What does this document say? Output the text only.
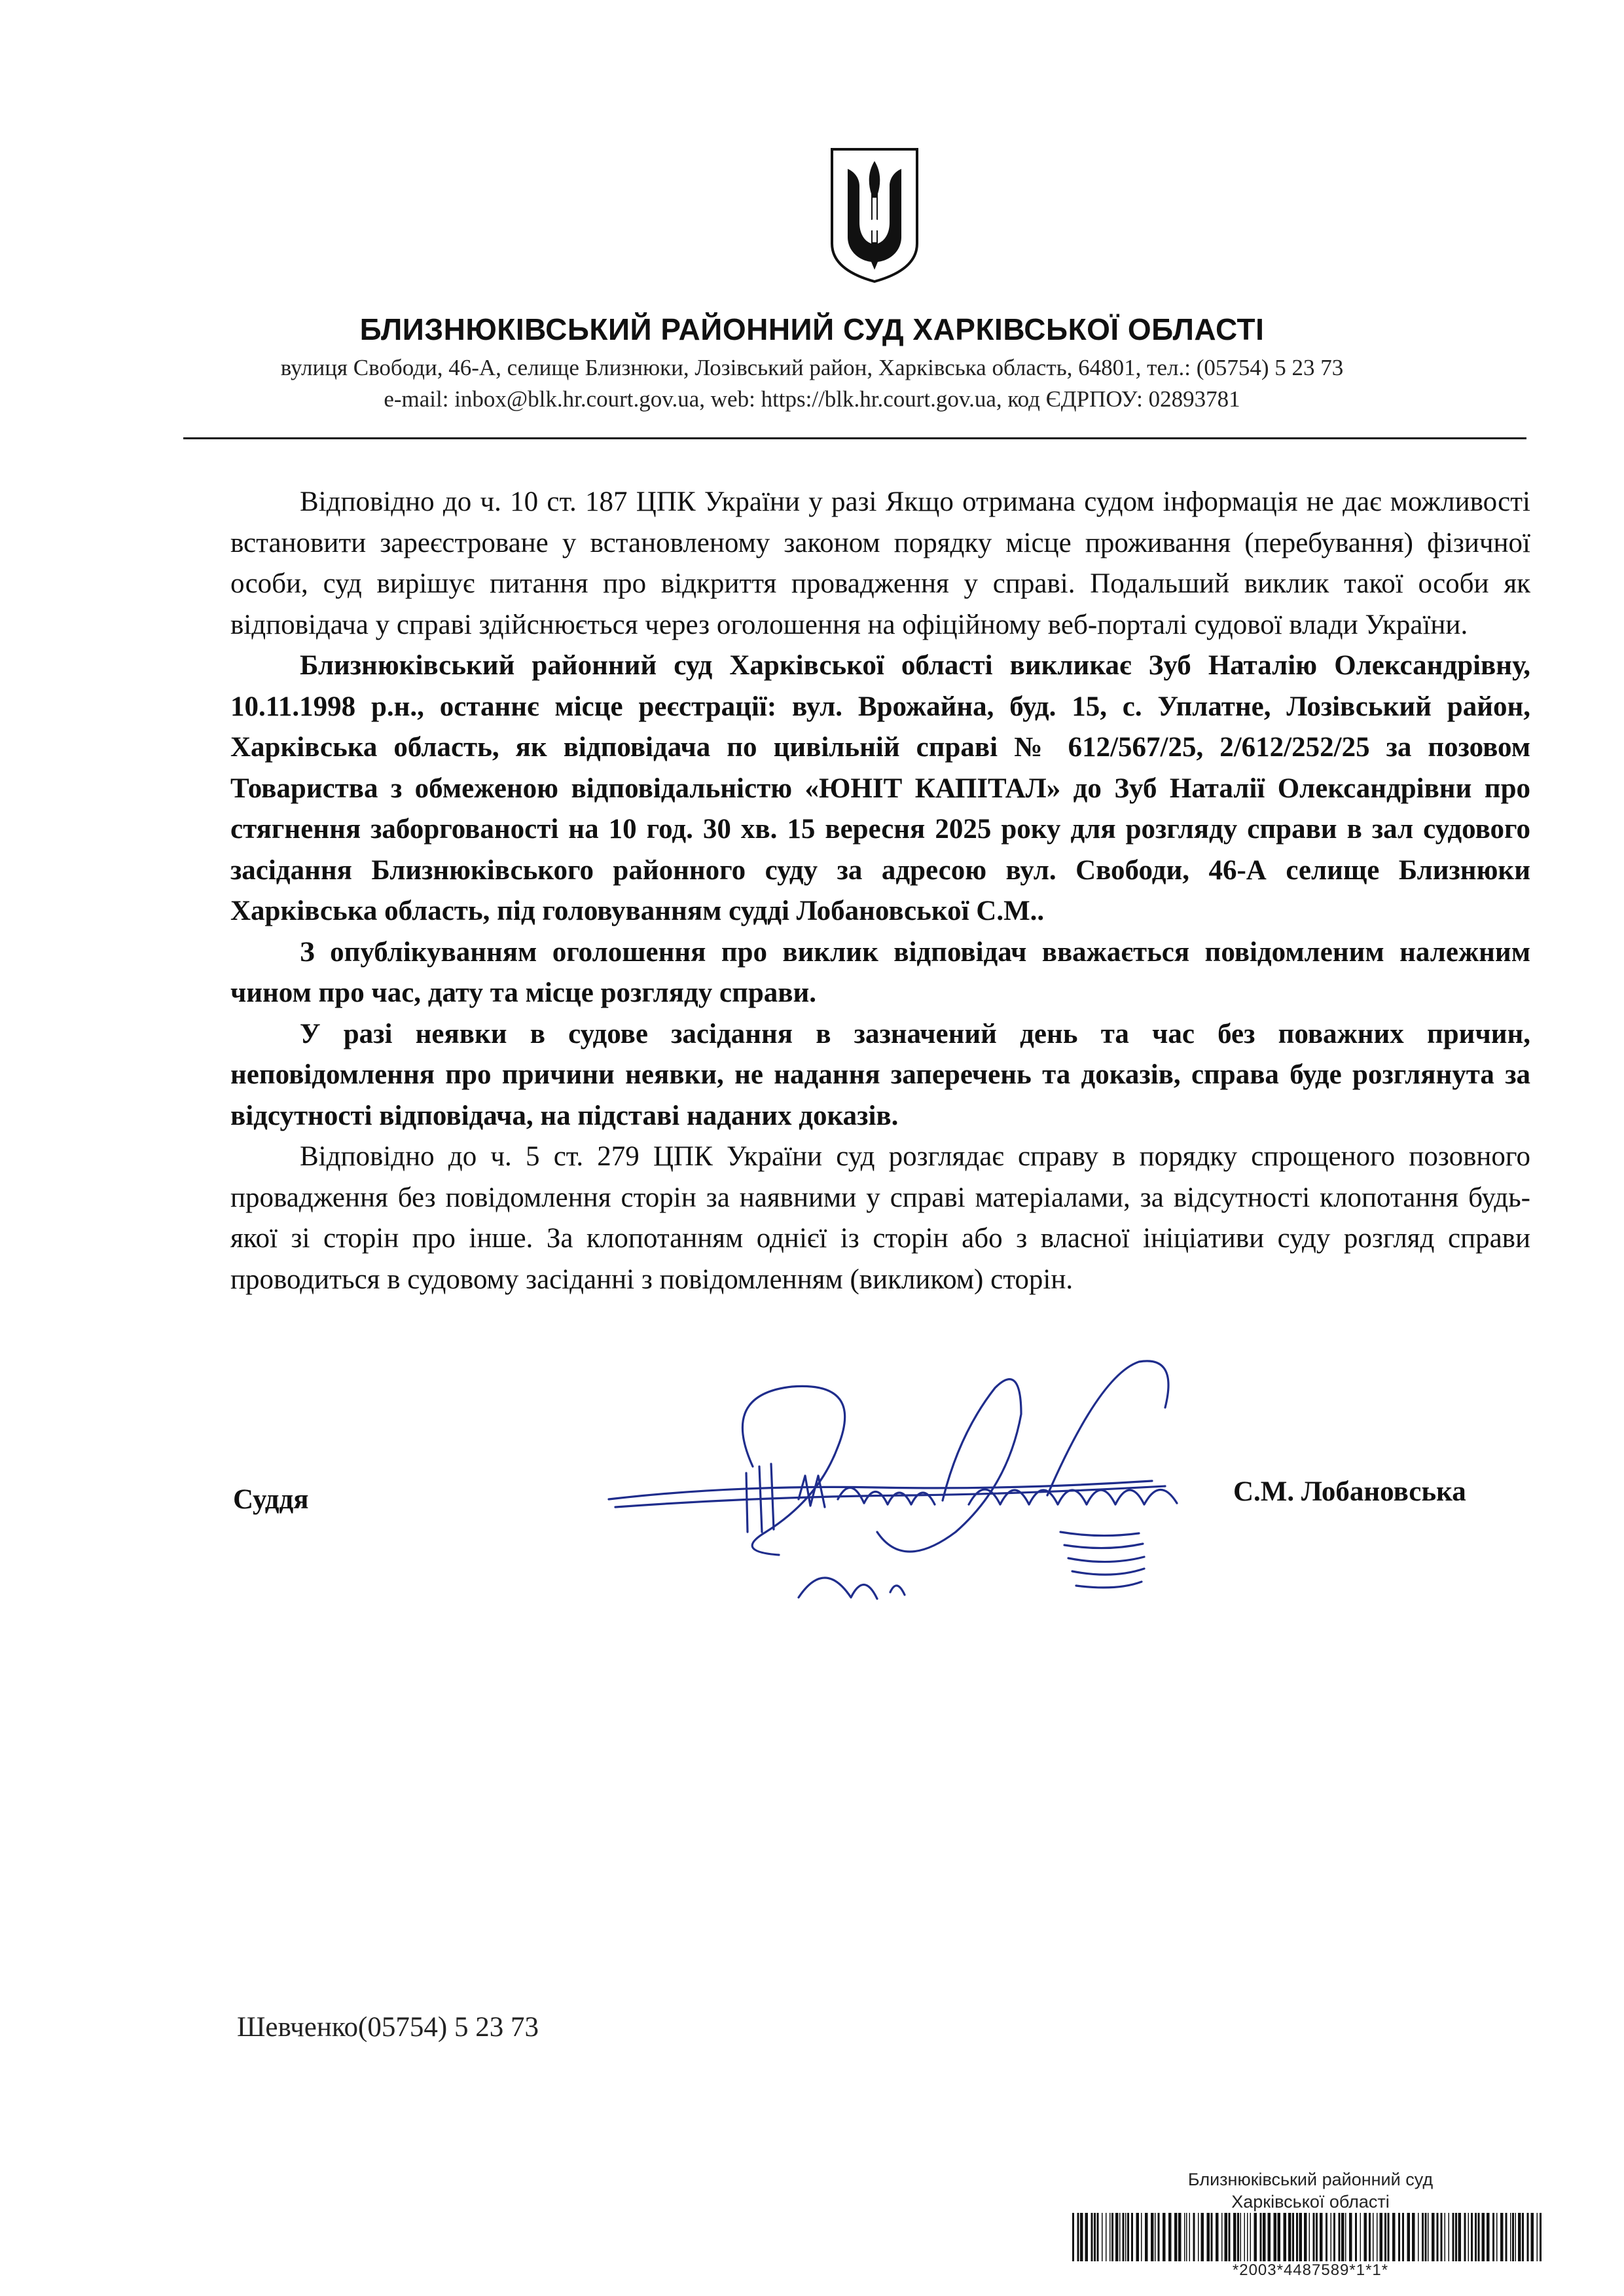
БЛИЗНЮКІВСЬКИЙ РАЙОННИЙ СУД ХАРКІВСЬКОЇ ОБЛАСТІ
вулиця Свободи, 46-А, селище Близнюки, Лозівський район, Харківська область, 64801, тел.: (05754) 5 23 73
e-mail: inbox@blk.hr.court.gov.ua, web: https://blk.hr.court.gov.ua, код ЄДРПОУ: 02893781

Відповідно до ч. 10 ст. 187 ЦПК України у разі Якщо отримана судом інформація не дає можливості встановити зареєстроване у встановленому законом порядку місце проживання (перебування) фізичної особи, суд вирішує питання про відкриття провадження у справі. Подальший виклик такої особи як відповідача у справі здійснюється через оголошення на офіційному веб-порталі судової влади України.

Близнюківський районний суд Харківської області викликає Зуб Наталію Олександрівну, 10.11.1998 р.н., останнє місце реєстрації: вул. Врожайна, буд. 15, с. Уплатне, Лозівський район, Харківська область, як відповідача по цивільній справі № 612/567/25, 2/612/252/25 за позовом Товариства з обмеженою відповідальністю «ЮНІТ КАПІТАЛ» до Зуб Наталії Олександрівни про стягнення заборгованості на 10 год. 30 хв. 15 вересня 2025 року для розгляду справи в зал судового засідання Близнюківського районного суду за адресою вул. Свободи, 46-А селище Близнюки Харківська область, під головуванням судді Лобановської С.М..

З опублікуванням оголошення про виклик відповідач вважається повідомленим належним чином про час, дату та місце розгляду справи.

У разі неявки в судове засідання в зазначений день та час без поважних причин, неповідомлення про причини неявки, не надання заперечень та доказів, справа буде розглянута за відсутності відповідача, на підставі наданих доказів.

Відповідно до ч. 5 ст. 279 ЦПК України суд розглядає справу в порядку спрощеного позовного провадження без повідомлення сторін за наявними у справі матеріалами, за відсутності клопотання будь-якої зі сторін про інше. За клопотанням однієї із сторін або з власної ініціативи суду розгляд справи проводиться в судовому засіданні з повідомленням (викликом) сторін.

Суддя	С.М. Лобановська
Шевченко(05754) 5 23 73
Близнюківський районний суд
Харківської області
*2003*4487589*1*1*
